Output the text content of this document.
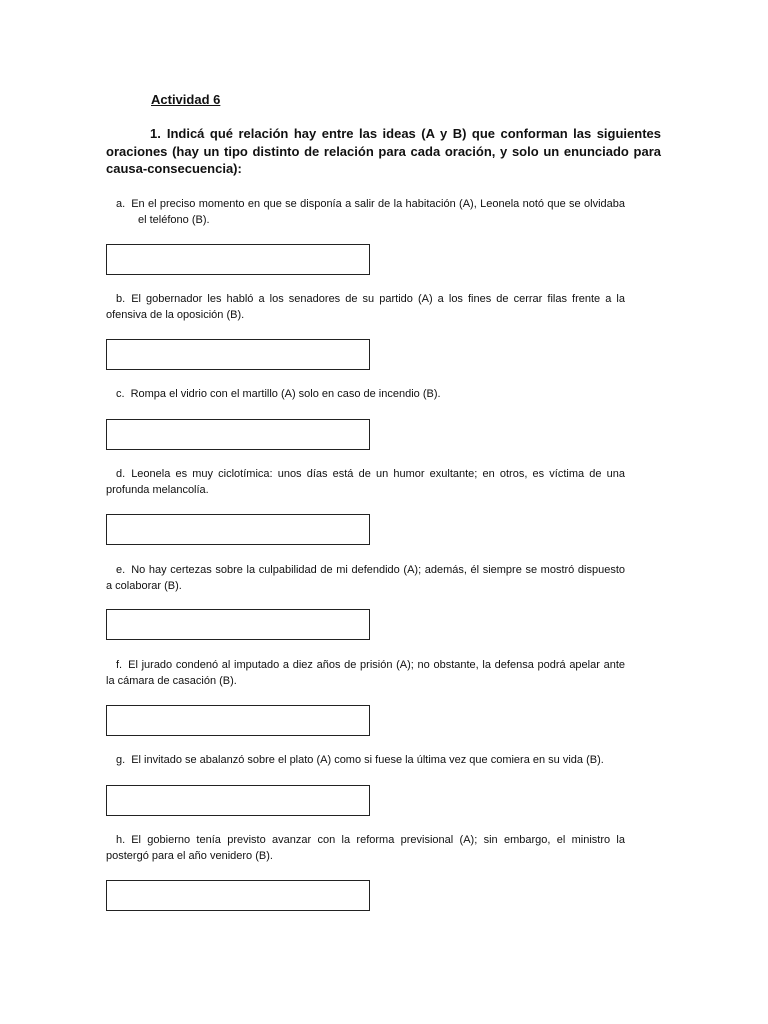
Actividad 6
1. Indicá qué relación hay entre las ideas (A y B) que conforman las siguientes oraciones (hay un tipo distinto de relación para cada oración, y solo un enunciado para causa-consecuencia):
a. En el preciso momento en que se disponía a salir de la habitación (A), Leonela notó que se olvidaba el teléfono (B).
b. El gobernador les habló a los senadores de su partido (A) a los fines de cerrar filas frente a la ofensiva de la oposición (B).
c. Rompa el vidrio con el martillo (A) solo en caso de incendio (B).
d. Leonela es muy ciclotímica: unos días está de un humor exultante; en otros, es víctima de una profunda melancolía.
e. No hay certezas sobre la culpabilidad de mi defendido (A); además, él siempre se mostró dispuesto a colaborar (B).
f. El jurado condenó al imputado a diez años de prisión (A); no obstante, la defensa podrá apelar ante la cámara de casación (B).
g. El invitado se abalanzó sobre el plato (A) como si fuese la última vez que comiera en su vida (B).
h. El gobierno tenía previsto avanzar con la reforma previsional (A); sin embargo, el ministro la postergó para el año venidero (B).
